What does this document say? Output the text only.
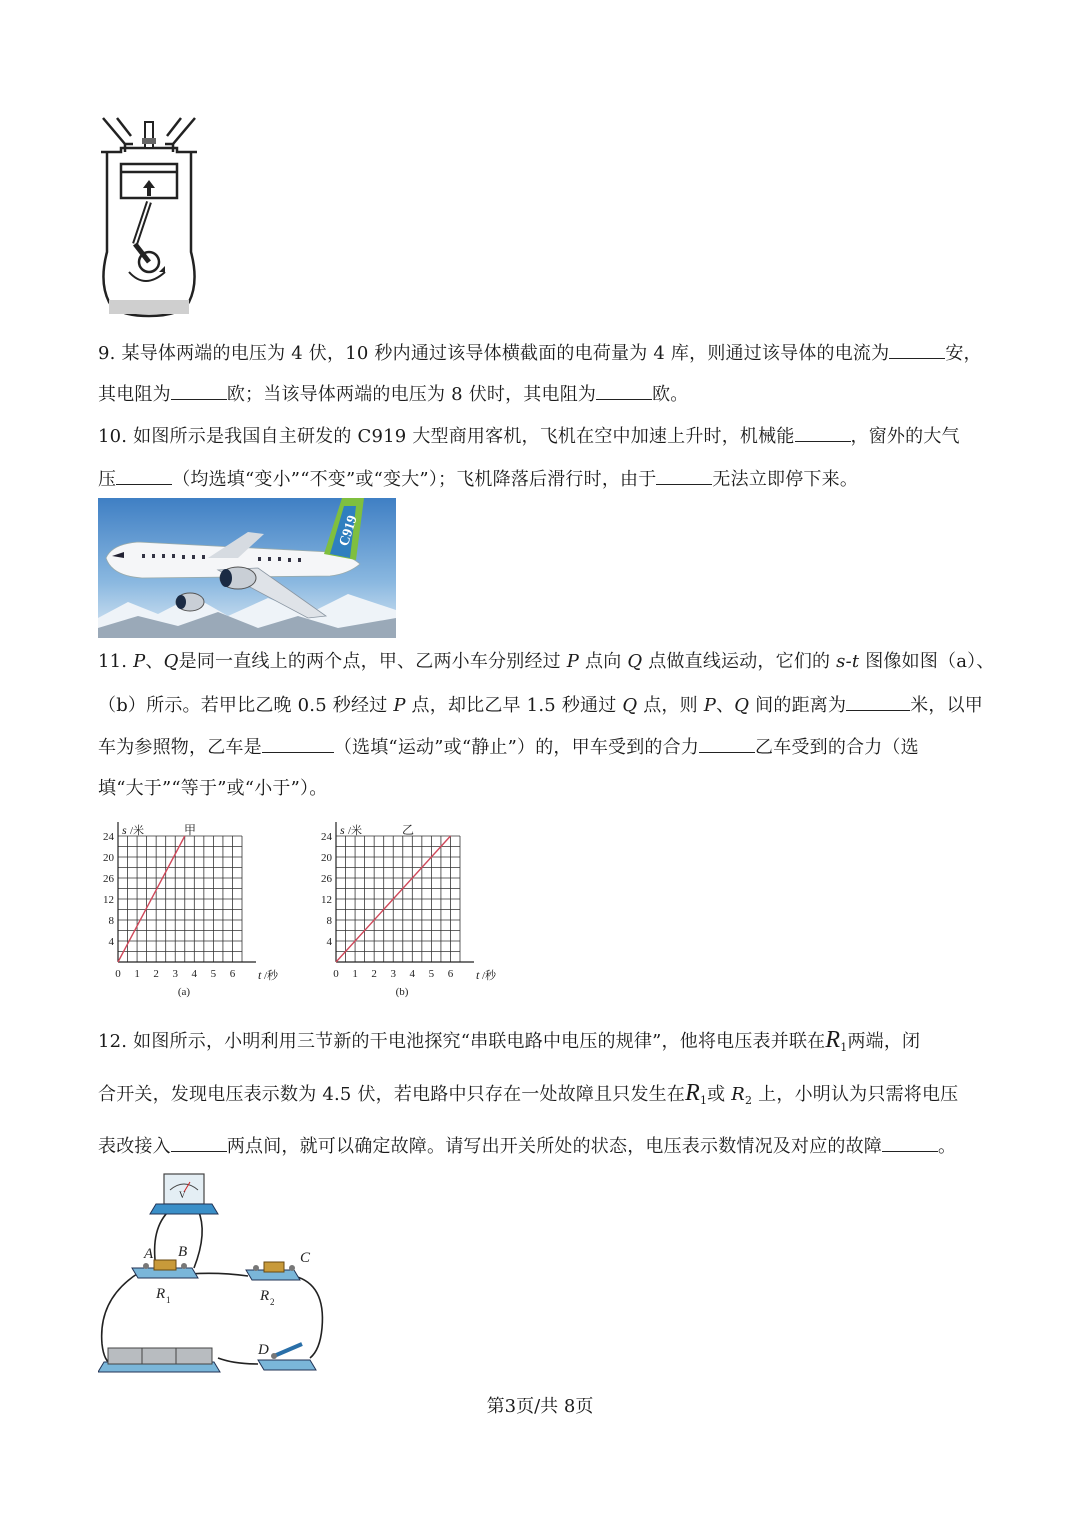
9. 某导体两端的电压为 4 伏，10 秒内通过该导体横截面的电荷量为 4 库，则通过该导体的电流为	安，
其电阻为	欧；当该导体两端的电压为 8 伏时，其电阻为	欧。
10. 如图所示是我国自主研发的 C919 大型商用客机，飞机在空中加速上升时，机械能	，窗外的大气
压	（均选填“变小”“不变”或“变大”）；飞机降落后滑行时，由于	无法立即停下来。
C919
11. P、Q是同一直线上的两个点，甲、乙两小车分别经过 P 点向 Q 点做直线运动，它们的 s-t 图像如图（a）、
（b）所示。若甲比乙晚 0.5 秒经过 P 点，却比乙早 1.5 秒通过 Q 点，则 P、Q 间的距离为	米，以甲
车为参照物，乙车是	（选填“运动”或“静止”）的，甲车受到的合力	乙车受到的合力（选
填“大于”“等于”或“小于”）。
4
8
12
26
20
24
0 1 2 3 4 5 6
s /米	甲
t /秒
(a)
4
8
12
26
20
24
0 1 2 3 4 5 6
s /米	乙
t /秒
(b)
12. 如图所示，小明利用三节新的干电池探究“串联电路中电压的规律”，他将电压表并联在$R_1$两端，闭
合开关，发现电压表示数为 4.5 伏，若电路中只存在一处故障且只发生在$R_1$或 $R_2$ 上，小明认为只需将电压
表改接入	两点间，就可以确定故障。请写出开关所处的状态，电压表示数情况及对应的故障	。
V
A B	C
D
R	R
1	2
第3页/共 8页
